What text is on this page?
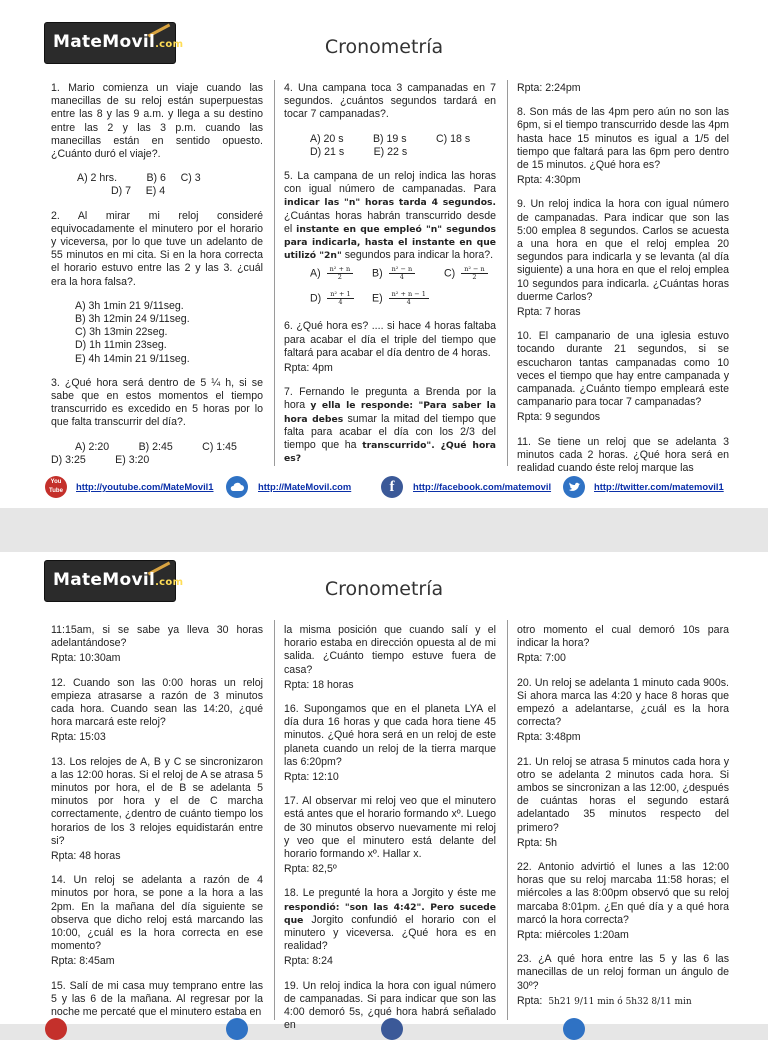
MateMovil.com	Cronometría

1. Mario comienza un viaje cuando las manecillas de su reloj están superpuestas entre las 8 y las 9 a.m. y llega a su destino entre las 2 y las 3 p.m. cuando las manecillas están en sentido opuesto. ¿Cuánto duró el viaje?.

A) 2 hrs.          B) 6     C) 3
D) 7     E) 4

2. Al mirar mi reloj consideré equivocadamente el minutero por el horario y viceversa, por lo que tuve un adelanto de 55 minutos en mi cita. Si en la hora correcta el horario estuvo entre las 2 y las 3. ¿cuál era la hora falsa?.

A) 3h 1min 21 9/11seg.
B) 3h 12min 24 9/11seg.
C) 3h 13min 22seg.
D) 1h 11min 23seg.
E) 4h 14min 21 9/11seg.

3. ¿Qué hora será dentro de 5 ¼ h, si se sabe que en estos momentos el tiempo transcurrido es excedido en 5 horas por lo que falta transcurrir del día?.

A) 2:20          B) 2:45          C) 1:45
D) 3:25          E) 3:20

4. Una campana toca 3 campanadas en 7 segundos. ¿cuántos segundos tardará en tocar 7 campanadas?.

A) 20 s          B) 19 s          C) 18 s
D) 21 s          E) 22 s

5. La campana de un reloj indica las horas con igual número de campanadas. Para indicar las "n" horas tarda 4 segundos. ¿Cuántas horas habrán transcurrido desde el instante en que empleó "n" segundos para indicarla, hasta el instante en que utilizó "2n" segundos para indicar la hora?.

$A) \frac{\text{n² + n}}{2} B) \frac{\text{n² − n}}{4}$	$C) \frac{\text{n² − n}}{2}$
$D) \frac{\text{n² + 1}}{4} E) \frac{\text{n² + n − 1}}{4}$

6. ¿Qué hora es? .... si hace 4 horas faltaba para acabar el día el triple del tiempo que faltará para acabar el día dentro de 4 horas.

Rpta: 4pm

7. Fernando le pregunta a Brenda por la hora y ella le responde: "Para saber la hora debes sumar la mitad del tiempo que falta para acabar el día con los 2/3 del tiempo que ha transcurrido". ¿Qué hora es?

Rpta: 2:24pm

8. Son más de las 4pm pero aún no son las 6pm, si el tiempo transcurrido desde las 4pm hasta hace 15 minutos es igual a 1/5 del tiempo que faltará para las 6pm pero dentro de 15 minutos. ¿Qué hora es?

Rpta: 4:30pm

9. Un reloj indica la hora con igual número de campanadas. Para indicar que son las 5:00 emplea 8 segundos. Carlos se acuesta a una hora en que el reloj emplea 20 segundos para indicarla y se levanta (al día siguiente) a una hora en que el reloj emplea 10 segundos para indicarla. ¿Cuántas horas duerme Carlos?

Rpta: 7 horas

10. El campanario de una iglesia estuvo tocando durante 21 segundos, si se escucharon tantas campanadas como 10 veces el tiempo que hay entre campanada y campanada. ¿Cuánto tiempo empleará este campanario para tocar 7 campanadas?

Rpta: 9 segundos

11. Se tiene un reloj que se adelanta 3 minutos cada 2 horas. ¿Qué hora será en realidad cuando éste reloj marque las

You Tube	http://youtube.com/MateMovil1	http://MateMovil.com	f	http://facebook.com/matemovil	http://twitter.com/matemovil1
MateMovil.com	Cronometría

11:15am, si se sabe ya lleva 30 horas adelantándose?

Rpta: 10:30am

12. Cuando son las 0:00 horas un reloj empieza atrasarse a razón de 3 minutos cada hora. Cuando sean las 14:20, ¿qué hora marcará este reloj?

Rpta: 15:03

13. Los relojes de A, B y C se sincronizaron a las 12:00 horas. Si el reloj de A se atrasa 5 minutos por hora, el de B se adelanta 5 minutos por hora y el de C marcha correctamente, ¿dentro de cuánto tiempo los horarios de los 3 relojes equidistarán entre si?

Rpta: 48 horas

14. Un reloj se adelanta a razón de 4 minutos por hora, se pone a la hora a las 2pm. En la mañana del día siguiente se observa que dicho reloj está marcando las 10:00, ¿cuál es la hora correcta en ese momento?

Rpta: 8:45am

15. Salí de mi casa muy temprano entre las 5 y las 6 de la mañana. Al regresar por la noche me percaté que el minutero estaba en

la misma posición que cuando salí y el horario estaba en dirección opuesta al de mi salida. ¿Cuánto tiempo estuve fuera de casa?

Rpta: 18 horas

16. Supongamos que en el planeta LYA el día dura 16 horas y que cada hora tiene 45 minutos. ¿Qué hora será en un reloj de este planeta cuando un reloj de la tierra marque las 6:20pm?

Rpta: 12:10

17. Al observar mi reloj veo que el minutero está antes que el horario formando xº. Luego de 30 minutos observo nuevamente mi reloj y veo que el minutero está delante del horario formando xº. Hallar x.

Rpta: 82,5º

18. Le pregunté la hora a Jorgito y éste me respondió: "son las 4:42". Pero sucede que Jorgito confundió el horario con el minutero y viceversa. ¿Qué hora es en realidad?

Rpta: 8:24

19. Un reloj indica la hora con igual número de campanadas. Si para indicar que son las 4:00 demoró 5s, ¿qué hora habrá señalado en

otro momento el cual demoró 10s para indicar la hora?

Rpta: 7:00

20. Un reloj se adelanta 1 minuto cada 900s. Si ahora marca las 4:20 y hace 8 horas que empezó a adelantarse, ¿cuál es la hora correcta?

Rpta: 3:48pm

21. Un reloj se atrasa 5 minutos cada hora y otro se adelanta 2 minutos cada hora. Si ambos se sincronizan a las 12:00, ¿después de cuántas horas el segundo estará adelantado 35 minutos respecto del primero?

Rpta: 5h

22. Antonio advirtió el lunes a las 12:00 horas que su reloj marcaba 11:58 horas; el miércoles a las 8:00pm observó que su reloj marcaba 8:01pm. ¿En qué día y a qué hora marcó la hora correcta?

Rpta: miércoles 1:20am

23. ¿A qué hora entre las 5 y las 6 las manecillas de un reloj forman un ángulo de 30º?

Rpta: 5h21 9/11 min ó 5h32 8/11 min
